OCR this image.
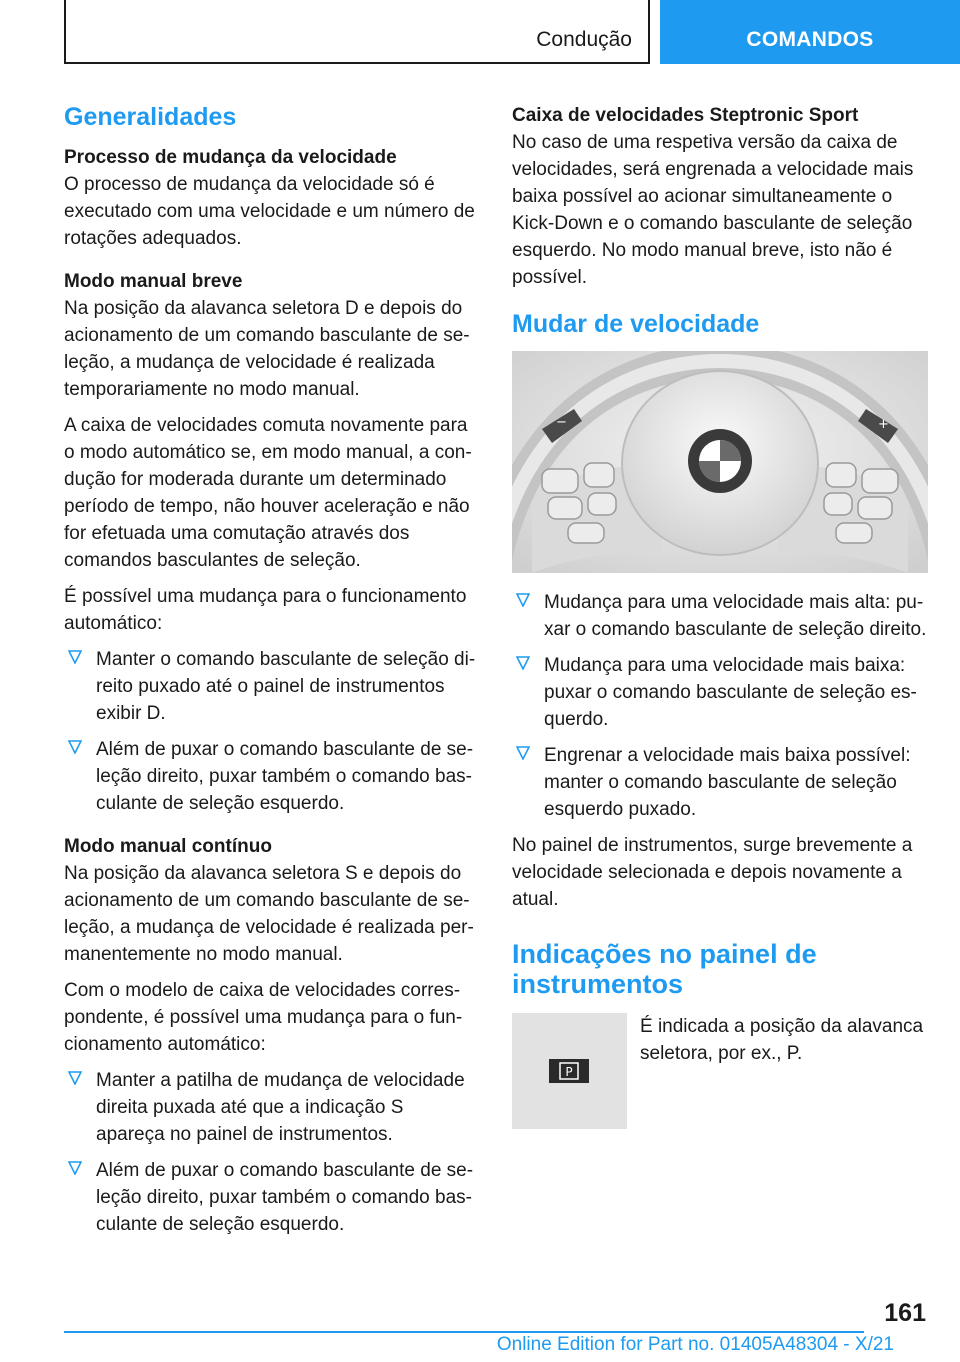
Condução	COMANDOS
Generalidades
Processo de mudança da velocidade

O processo de mudança da velocidade só é executado com uma velocidade e um número de rotações adequados.

Modo manual breve

Na posição da alavanca seletora D e depois do acionamento de um comando basculante de seleção, a mudança de velocidade é realizada temporariamente no modo manual.

A caixa de velocidades comuta novamente para o modo automático se, em modo manual, a condução for moderada durante um determinado período de tempo, não houver aceleração e não for efetuada uma comutação através dos comandos basculantes de seleção.

É possível uma mudança para o funcionamento automático:

Manter o comando basculante de seleção direito puxado até o painel de instrumentos exibir D.
Além de puxar o comando basculante de seleção direito, puxar também o comando basculante de seleção esquerdo.
Modo manual contínuo

Na posição da alavanca seletora S e depois do acionamento de um comando basculante de seleção, a mudança de velocidade é realizada permanentemente no modo manual.

Com o modelo de caixa de velocidades correspondente, é possível uma mudança para o funcionamento automático:

Manter a patilha de mudança de velocidade direita puxada até que a indicação S apareça no painel de instrumentos.
Além de puxar o comando basculante de seleção direito, puxar também o comando basculante de seleção esquerdo.
Caixa de velocidades Steptronic Sport

No caso de uma respetiva versão da caixa de velocidades, será engrenada a velocidade mais baixa possível ao acionar simultaneamente o Kick-Down e o comando basculante de seleção esquerdo. No modo manual breve, isto não é possível.

Mudar de velocidade
−	+
Mudança para uma velocidade mais alta: puxar o comando basculante de seleção direito.
Mudança para uma velocidade mais baixa: puxar o comando basculante de seleção esquerdo.
Engrenar a velocidade mais baixa possível: manter o comando basculante de seleção esquerdo puxado.

No painel de instrumentos, surge brevemente a velocidade selecionada e depois novamente a atual.

Indicações no painel de instrumentos
P

É indicada a posição da alavanca seletora, por ex., P.

161
Online Edition for Part no. 01405A48304 - X/21
